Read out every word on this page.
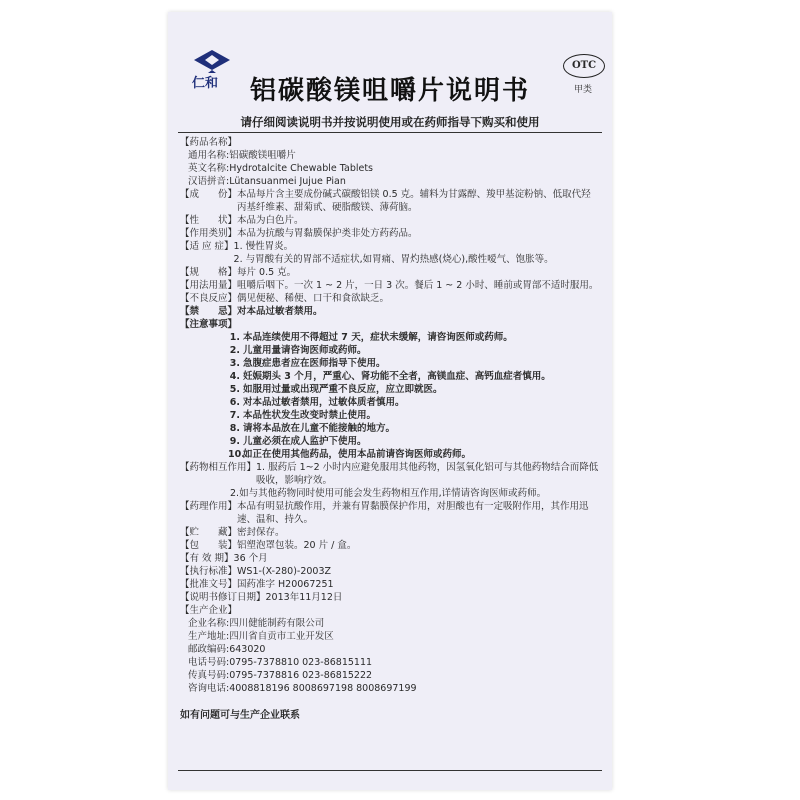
仁和
OTC
甲类
铝碳酸镁咀嚼片说明书
请仔细阅读说明书并按说明使用或在药师指导下购买和使用
【药品名称】
通用名称: 铝碳酸镁咀嚼片
英文名称: Hydrotalcite Chewable Tablets
汉语拼音: Lütansuanmei Jujue Pian
【成　　份】 本品每片含主要成份碱式碳酸铝镁 0.5 克。辅料为甘露醇、羧甲基淀粉钠、低取代羟丙基纤维素、甜菊甙、硬脂酸镁、薄荷脑。
【性　　状】 本品为白色片。
【作用类别】 本品为抗酸与胃黏膜保护类非处方药药品。
【适 应 症】 1. 慢性胃炎。
2. 与胃酸有关的胃部不适症状,如胃痛、胃灼热感(烧心),酸性嗳气、饱胀等。
【规　　格】 每片 0.5 克。
【用法用量】 咀嚼后咽下。一次 1 ~ 2 片，一日 3 次。餐后 1 ~ 2 小时、睡前或胃部不适时服用。
【不良反应】 偶见便秘、稀便、口干和食欲缺乏。
【禁　　忌】 对本品过敏者禁用。
【注意事项】
1. 本品连续使用不得超过 7 天，症状未缓解，请咨询医师或药师。
2. 儿童用量请咨询医师或药师。
3. 急腹症患者应在医师指导下使用。
4. 妊娠期头 3 个月，严重心、肾功能不全者，高镁血症、高钙血症者慎用。
5. 如服用过量或出现严重不良反应，应立即就医。
6. 对本品过敏者禁用，过敏体质者慎用。
7. 本品性状发生改变时禁止使用。
8. 请将本品放在儿童不能接触的地方。
9. 儿童必须在成人监护下使用。
10.如正在使用其他药品，使用本品前请咨询医师或药师。
【药物相互作用】 1. 服药后 1~2 小时内应避免服用其他药物，因氢氧化铝可与其他药物结合而降低吸收，影响疗效。
2.如与其他药物同时使用可能会发生药物相互作用,详情请咨询医师或药师。
【药理作用】 本品有明显抗酸作用，并兼有胃黏膜保护作用，对胆酸也有一定吸附作用，其作用迅速、温和、持久。
【贮　　藏】 密封保存。
【包　　装】 铝塑泡罩包装。20 片 / 盒。
【有 效 期】 36 个月
【执行标准】 WS1-(X-280)-2003Z
【批准文号】 国药准字 H20067251
【说明书修订日期】 2013年11月12日
【生产企业】
企业名称: 四川健能制药有限公司
生产地址: 四川省自贡市工业开发区
邮政编码: 643020
电话号码: 0795-7378810 023-86815111
传真号码: 0795-7378816 023-86815222
咨询电话: 4008818196 8008697198 8008697199
如有问题可与生产企业联系
